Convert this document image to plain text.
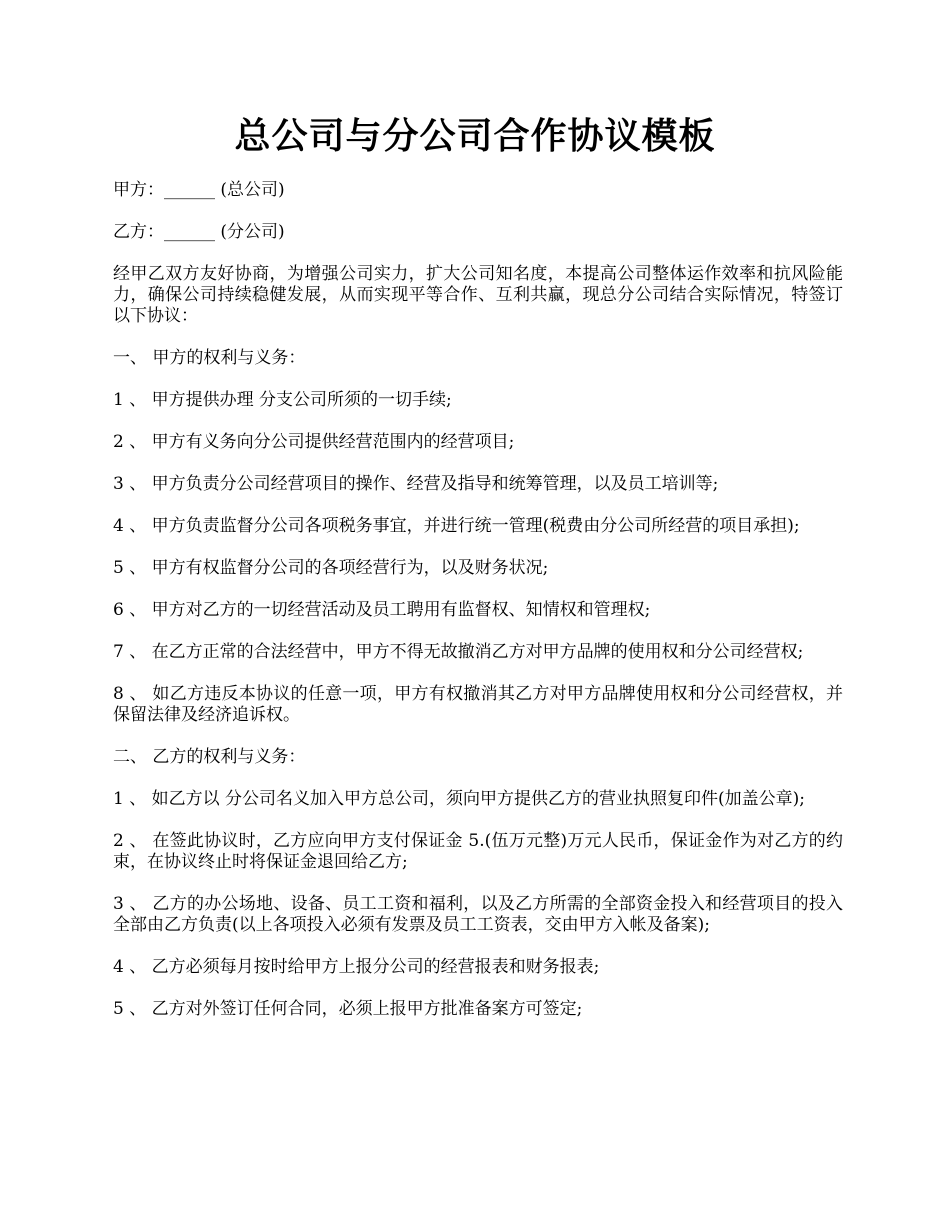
总公司与分公司合作协议模板

甲方：______ (总公司)

乙方：______ (分公司)

经甲乙双方友好协商，为增强公司实力，扩大公司知名度，本提高公司整体运作效率和抗风险能力，确保公司持续稳健发展，从而实现平等合作、互利共赢，现总分公司结合实际情况，特签订以下协议：

一、 甲方的权利与义务：

1 、 甲方提供办理 分支公司所须的一切手续;

2 、 甲方有义务向分公司提供经营范围内的经营项目;

3 、 甲方负责分公司经营项目的操作、经营及指导和统筹管理，以及员工培训等;

4 、 甲方负责监督分公司各项税务事宜，并进行统一管理(税费由分公司所经营的项目承担);

5 、 甲方有权监督分公司的各项经营行为，以及财务状况;

6 、 甲方对乙方的一切经营活动及员工聘用有监督权、知情权和管理权;

7 、 在乙方正常的合法经营中，甲方不得无故撤消乙方对甲方品牌的使用权和分公司经营权;

8 、 如乙方违反本协议的任意一项，甲方有权撤消其乙方对甲方品牌使用权和分公司经营权，并保留法律及经济追诉权。

二、 乙方的权利与义务：

1 、 如乙方以 分公司名义加入甲方总公司，须向甲方提供乙方的营业执照复印件(加盖公章);

2 、 在签此协议时，乙方应向甲方支付保证金 5.(伍万元整)万元人民币，保证金作为对乙方的约束，在协议终止时将保证金退回给乙方;

3 、 乙方的办公场地、设备、员工工资和福利，以及乙方所需的全部资金投入和经营项目的投入全部由乙方负责(以上各项投入必须有发票及员工工资表，交由甲方入帐及备案);

4 、 乙方必须每月按时给甲方上报分公司的经营报表和财务报表;

5 、 乙方对外签订任何合同，必须上报甲方批准备案方可签定;
